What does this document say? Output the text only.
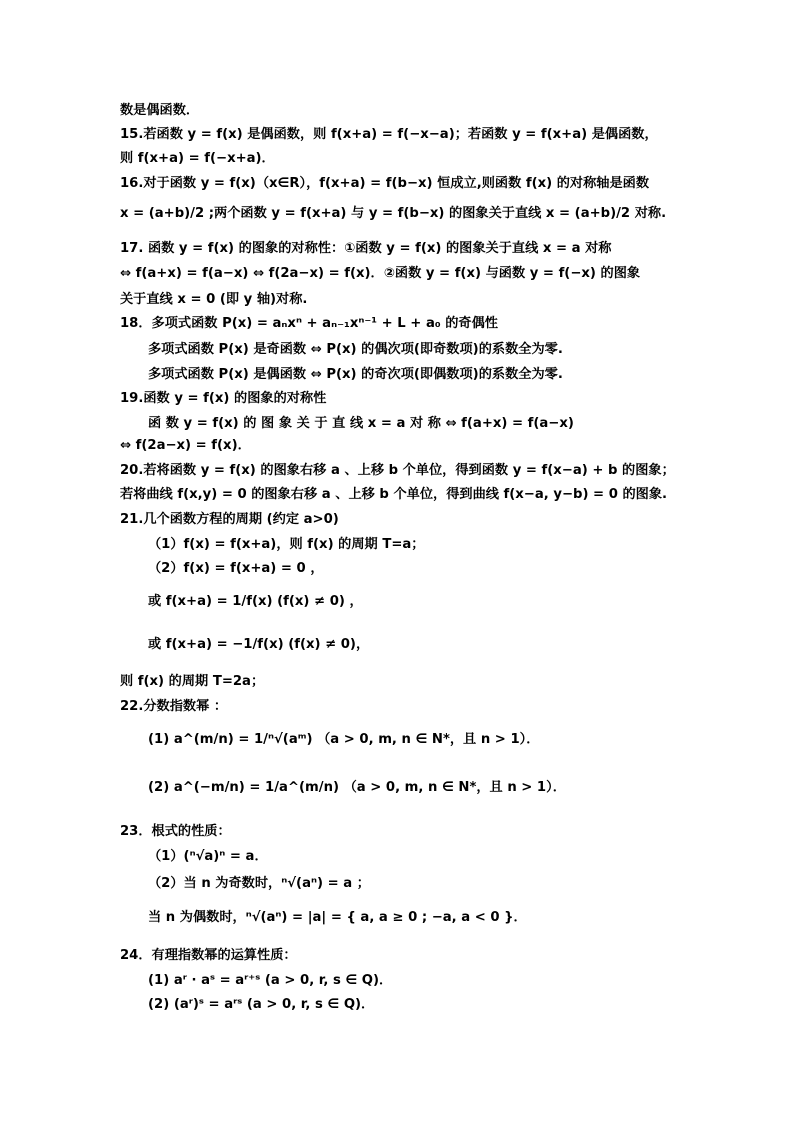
数是偶函数．
15.若函数 y = f(x) 是偶函数，则 f(x+a) = f(−x−a)；若函数 y = f(x+a) 是偶函数，
则 f(x+a) = f(−x+a)．
16.对于函数 y = f(x)（x∈R），f(x+a) = f(b−x) 恒成立,则函数 f(x) 的对称轴是函数
x = (a+b)/2 ;两个函数 y = f(x+a) 与 y = f(b−x) 的图象关于直线 x = (a+b)/2 对称.
17. 函数 y = f(x) 的图象的对称性：①函数 y = f(x) 的图象关于直线 x = a 对称
⇔ f(a+x) = f(a−x) ⇔ f(2a−x) = f(x)．②函数 y = f(x) 与函数 y = f(−x) 的图象
关于直线 x = 0 (即 y 轴)对称.
18．多项式函数 P(x) = aₙxⁿ + aₙ₋₁xⁿ⁻¹ + L + a₀ 的奇偶性
多项式函数 P(x) 是奇函数 ⇔ P(x) 的偶次项(即奇数项)的系数全为零.
多项式函数 P(x) 是偶函数 ⇔ P(x) 的奇次项(即偶数项)的系数全为零.
19.函数 y = f(x) 的图象的对称性
函 数 y = f(x) 的 图 象 关 于 直 线 x = a 对 称 ⇔ f(a+x) = f(a−x)
⇔ f(2a−x) = f(x)．
20.若将函数 y = f(x) 的图象右移 a 、上移 b 个单位，得到函数 y = f(x−a) + b 的图象；
若将曲线 f(x,y) = 0 的图象右移 a 、上移 b 个单位，得到曲线 f(x−a, y−b) = 0 的图象.
21.几个函数方程的周期 (约定 a>0)
（1）f(x) = f(x+a)，则 f(x) 的周期 T=a；
（2）f(x) = f(x+a) = 0 ，
或 f(x+a) = 1/f(x) (f(x) ≠ 0) ，
或 f(x+a) = −1/f(x) (f(x) ≠ 0)，
则 f(x) 的周期 T=2a；
22.分数指数幂 ：
(1) a^(m/n) = 1/ⁿ√(aᵐ) （a > 0, m, n ∈ N*，且 n > 1）．
(2) a^(−m/n) = 1/a^(m/n) （a > 0, m, n ∈ N*，且 n > 1）．
23．根式的性质：
（1）(ⁿ√a)ⁿ = a．
（2）当 n 为奇数时，ⁿ√(aⁿ) = a ；
当 n 为偶数时，ⁿ√(aⁿ) = |a| = { a, a ≥ 0 ; −a, a < 0 }．
24．有理指数幂的运算性质：
(1) aʳ · aˢ = aʳ⁺ˢ (a > 0, r, s ∈ Q)．
(2) (aʳ)ˢ = aʳˢ (a > 0, r, s ∈ Q)．
